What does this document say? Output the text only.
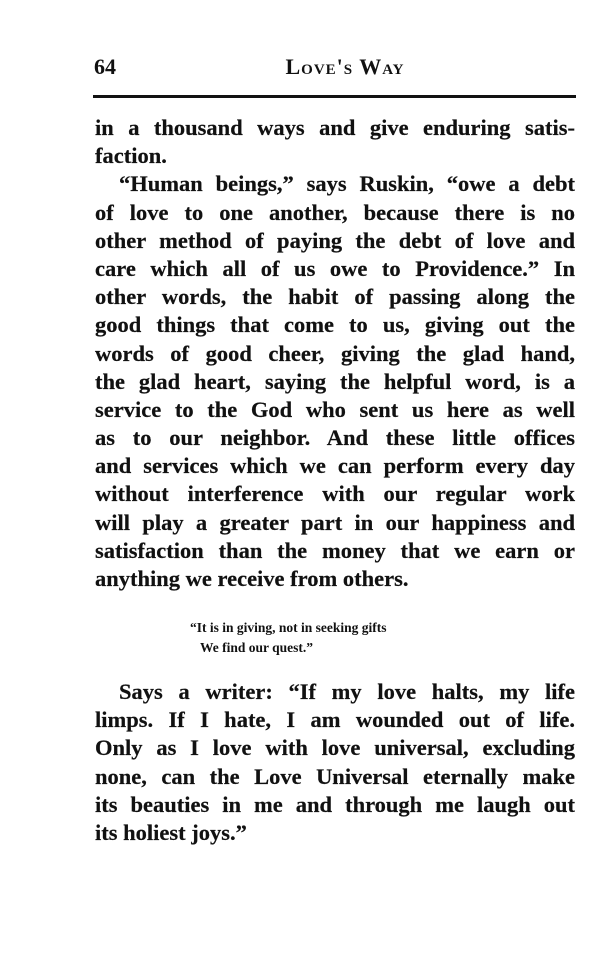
64	Love's Way
in a thousand ways and give enduring satis-
faction.
“Human beings,” says Ruskin, “owe a debt
of love to one another, because there is no
other method of paying the debt of love and
care which all of us owe to Providence.” In
other words, the habit of passing along the
good things that come to us, giving out the
words of good cheer, giving the glad hand,
the glad heart, saying the helpful word, is a
service to the God who sent us here as well
as to our neighbor. And these little offices
and services which we can perform every day
without interference with our regular work
will play a greater part in our happiness and
satisfaction than the money that we earn or
anything we receive from others.
“It is in giving, not in seeking gifts
We find our quest.”
Says a writer: “If my love halts, my life
limps. If I hate, I am wounded out of life.
Only as I love with love universal, excluding
none, can the Love Universal eternally make
its beauties in me and through me laugh out
its holiest joys.”
